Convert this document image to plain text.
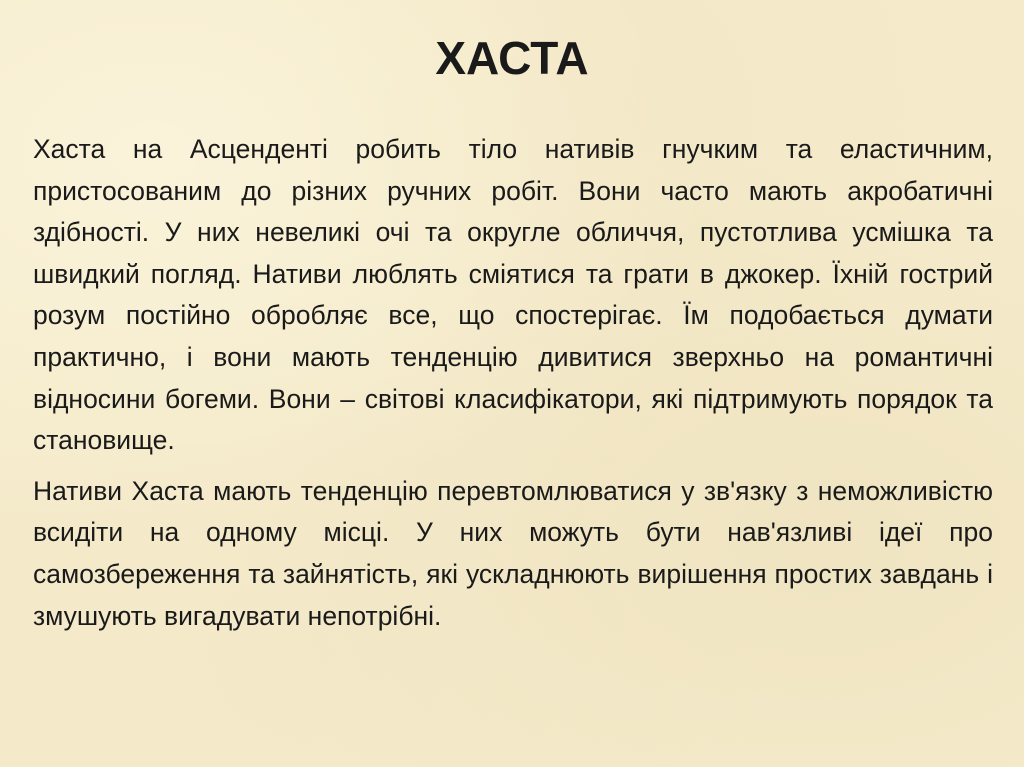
ХАСТА

Хаста на Асцендентi робить тiло нативiв гнучким та еластичним, пристосованим до рiзних ручних робiт. Вони часто мають акробатичнi здiбностi. У них невеликi очi та округле обличчя, пустотлива усмiшка та швидкий погляд. Нативи люблять смiятися та грати в джокер. Їхнiй гострий розум постiйно обробляє все, що спостерiгає. Їм подобається думати практично, i вони мають тенденцiю дивитися зверхньо на романтичнi вiдносини богеми. Вони – свiтовi класифiкатори, якi пiдтримують порядок та становище.

Нативи Хаста мають тенденцiю перевтомлюватися у зв'язку з неможливiстю всидiти на одному мiсцi. У них можуть бути нав'язливi iдеї про самозбереження та зайнятiсть, якi ускладнюють вирiшення простих завдань i змушують вигадувати непотрiбнi.
